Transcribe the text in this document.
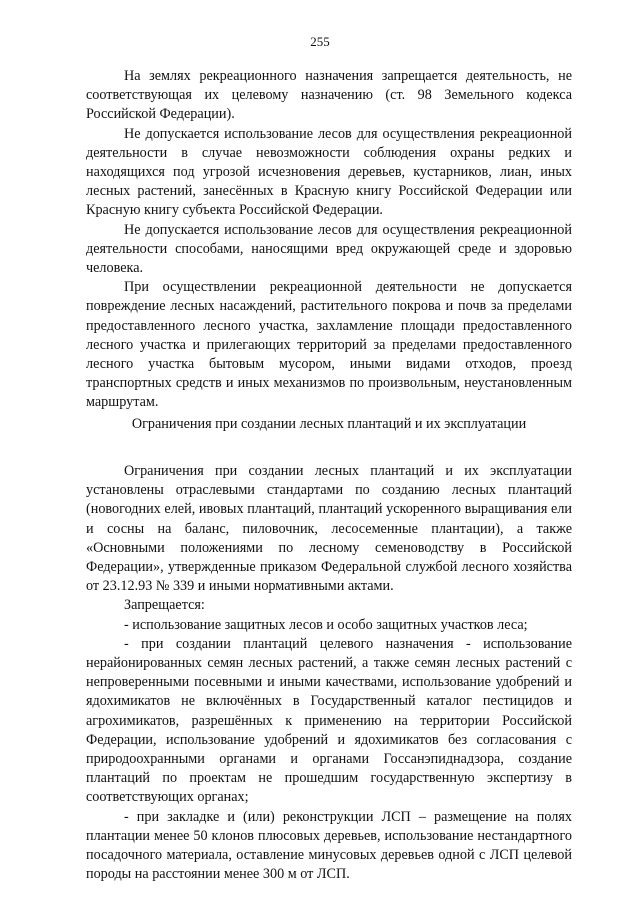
255

На землях рекреационного назначения запрещается деятельность, не соответствующая их целевому назначению (ст. 98 Земельного кодекса Российской Федерации).

Не допускается использование лесов для осуществления рекреационной деятельности в случае невозможности соблюдения охраны редких и находящихся под угрозой исчезновения деревьев, кустарников, лиан, иных лесных растений, занесённых в Красную книгу Российской Федерации или Красную книгу субъекта Российской Федерации.

Не допускается использование лесов для осуществления рекреационной деятельности способами, наносящими вред окружающей среде и здоровью человека.

При осуществлении рекреационной деятельности не допускается повреждение лесных насаждений, растительного покрова и почв за пределами предоставленного лесного участка, захламление площади предоставленного лесного участка и прилегающих территорий за пределами предоставленного лесного участка бытовым мусором, иными видами отходов, проезд транспортных средств и иных механизмов по произвольным, неустановленным маршрутам.

Ограничения при создании лесных плантаций и их эксплуатации

Ограничения при создании лесных плантаций и их эксплуатации установлены отраслевыми стандартами по созданию лесных плантаций (новогодних елей, ивовых плантаций, плантаций ускоренного выращивания ели и сосны на баланс, пиловочник, лесосеменные плантации), а также «Основными положениями по лесному семеноводству в Российской Федерации», утвержденные приказом Федеральной службой лесного хозяйства от 23.12.93 № 339 и иными нормативными актами.

Запрещается:

- использование защитных лесов и особо защитных участков леса;

- при создании плантаций целевого назначения - использование нерайонированных семян лесных растений, а также семян лесных растений с непроверенными посевными и иными качествами, использование удобрений и ядохимикатов не включённых в Государственный каталог пестицидов и агрохимикатов, разрешённых к применению на территории Российской Федерации, использование удобрений и ядохимикатов без согласования с природоохранными органами и органами Госсанэпиднадзора, создание плантаций по проектам не прошедшим государственную экспертизу в соответствующих органах;

- при закладке и (или) реконструкции ЛСП – размещение на полях плантации менее 50 клонов плюсовых деревьев, использование нестандартного посадочного материала, оставление минусовых деревьев одной с ЛСП целевой породы на расстоянии менее 300 м от ЛСП.
